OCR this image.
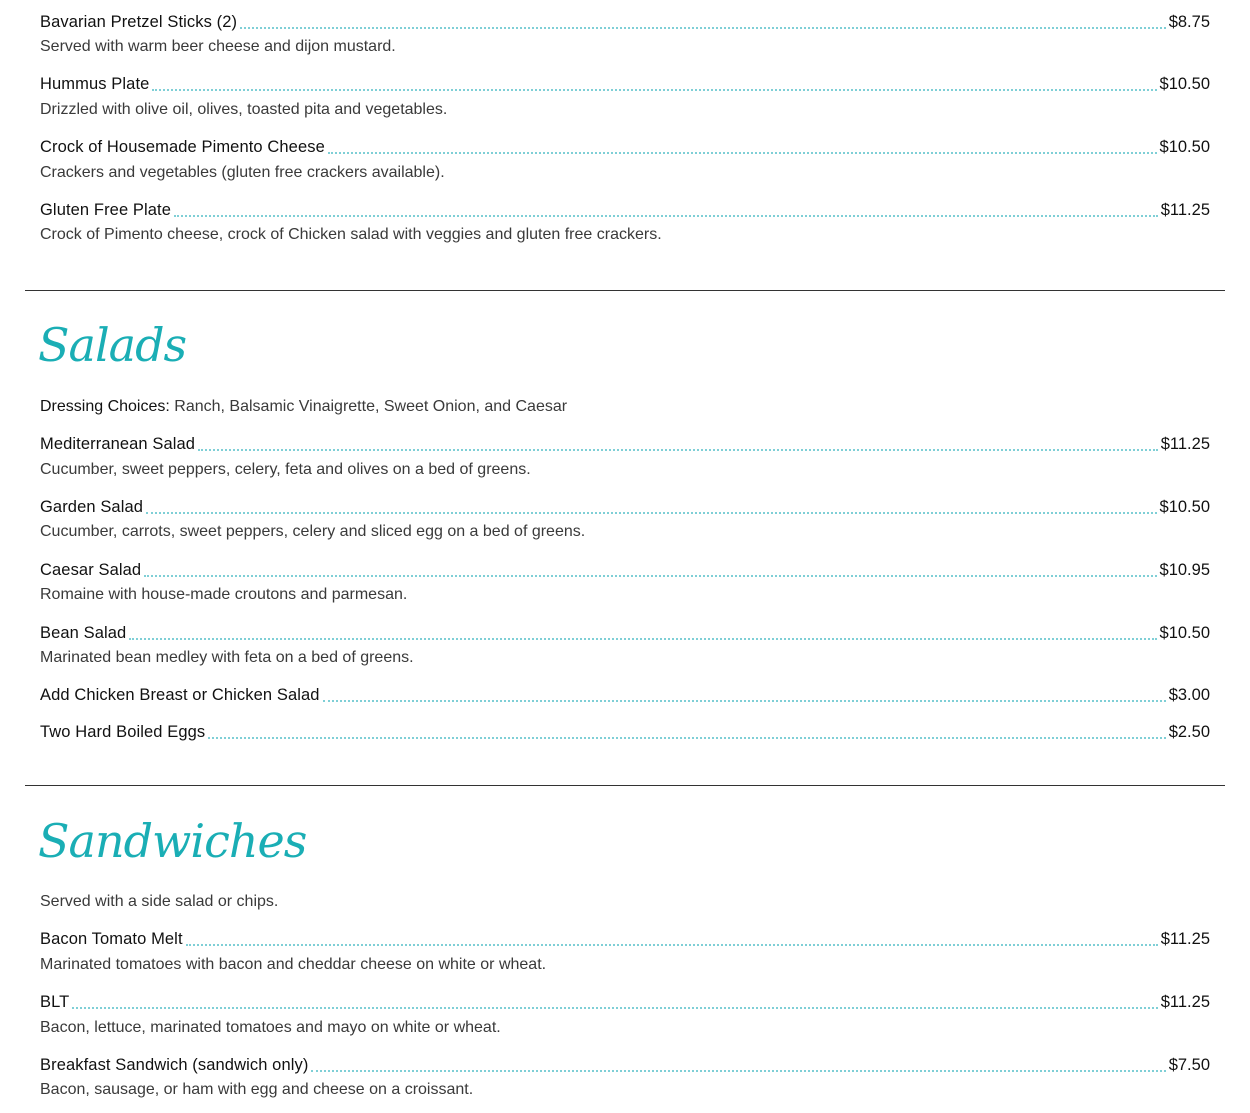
Bavarian Pretzel Sticks (2)	$8.75
Served with warm beer cheese and dijon mustard.
Hummus Plate	$10.50
Drizzled with olive oil, olives, toasted pita and vegetables.
Crock of Housemade Pimento Cheese	$10.50
Crackers and vegetables (gluten free crackers available).
Gluten Free Plate	$11.25
Crock of Pimento cheese, crock of Chicken salad with veggies and gluten free crackers.
Salads
Dressing Choices: Ranch, Balsamic Vinaigrette, Sweet Onion, and Caesar
Mediterranean Salad	$11.25
Cucumber, sweet peppers, celery, feta and olives on a bed of greens.
Garden Salad	$10.50
Cucumber, carrots, sweet peppers, celery and sliced egg on a bed of greens.
Caesar Salad	$10.95
Romaine with house-made croutons and parmesan.
Bean Salad	$10.50
Marinated bean medley with feta on a bed of greens.
Add Chicken Breast or Chicken Salad	$3.00
Two Hard Boiled Eggs	$2.50
Sandwiches
Served with a side salad or chips.
Bacon Tomato Melt	$11.25
Marinated tomatoes with bacon and cheddar cheese on white or wheat.
BLT	$11.25
Bacon, lettuce, marinated tomatoes and mayo on white or wheat.
Breakfast Sandwich (sandwich only)	$7.50
Bacon, sausage, or ham with egg and cheese on a croissant.
